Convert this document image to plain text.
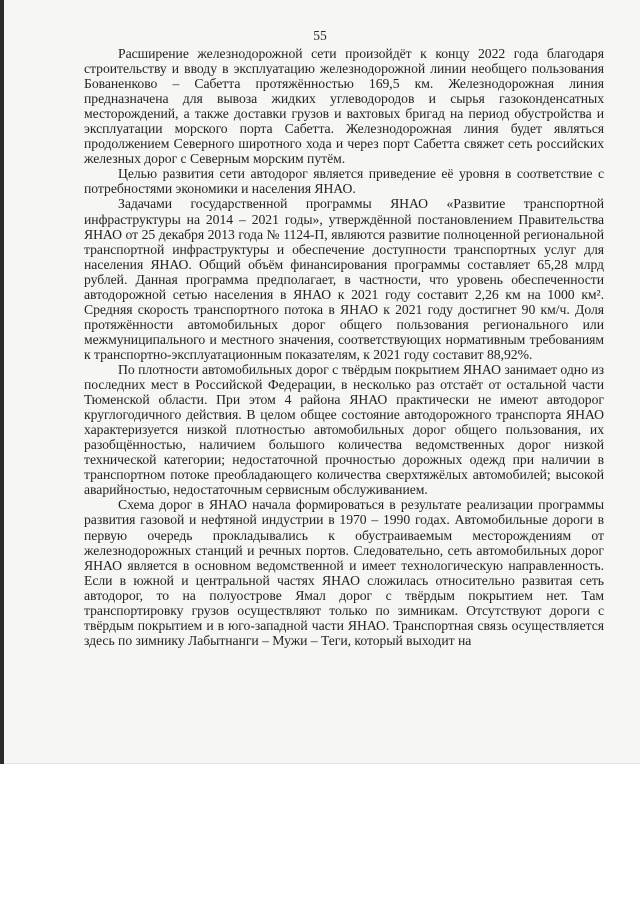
55

Расширение железнодорожной сети произойдёт к концу 2022 года благодаря строительству и вводу в эксплуатацию железнодорожной линии необщего пользования Бованенково – Сабетта протяжённостью 169,5 км. Железнодорожная линия предназначена для вывоза жидких углеводородов и сырья газоконденсатных месторождений, а также доставки грузов и вахтовых бригад на период обустройства и эксплуатации морского порта Сабетта. Железнодорожная линия будет являться продолжением Северного широтного хода и через порт Сабетта свяжет сеть российских железных дорог с Северным морским путём.

Целью развития сети автодорог является приведение её уровня в соответствие с потребностями экономики и населения ЯНАО.

Задачами государственной программы ЯНАО «Развитие транспортной инфраструктуры на 2014 – 2021 годы», утверждённой постановлением Правительства ЯНАО от 25 декабря 2013 года № 1124-П, являются развитие полноценной региональной транспортной инфраструктуры и обеспечение доступности транспортных услуг для населения ЯНАО. Общий объём финансирования программы составляет 65,28 млрд рублей. Данная программа предполагает, в частности, что уровень обеспеченности автодорожной сетью населения в ЯНАО к 2021 году составит 2,26 км на 1000 км². Средняя скорость транспортного потока в ЯНАО к 2021 году достигнет 90 км/ч. Доля протяжённости автомобильных дорог общего пользования регионального или межмуниципального и местного значения, соответствующих нормативным требованиям к транспортно-эксплуатационным показателям, к 2021 году составит 88,92%.

По плотности автомобильных дорог с твёрдым покрытием ЯНАО занимает одно из последних мест в Российской Федерации, в несколько раз отстаёт от остальной части Тюменской области. При этом 4 района ЯНАО практически не имеют автодорог круглогодичного действия. В целом общее состояние автодорожного транспорта ЯНАО характеризуется низкой плотностью автомобильных дорог общего пользования, их разобщённостью, наличием большого количества ведомственных дорог низкой технической категории; недостаточной прочностью дорожных одежд при наличии в транспортном потоке преобладающего количества сверхтяжёлых автомобилей; высокой аварийностью, недостаточным сервисным обслуживанием.

Схема дорог в ЯНАО начала формироваться в результате реализации программы развития газовой и нефтяной индустрии в 1970 – 1990 годах. Автомобильные дороги в первую очередь прокладывались к обустраиваемым месторождениям от железнодорожных станций и речных портов. Следовательно, сеть автомобильных дорог ЯНАО является в основном ведомственной и имеет технологическую направленность. Если в южной и центральной частях ЯНАО сложилась относительно развитая сеть автодорог, то на полуострове Ямал дорог с твёрдым покрытием нет. Там транспортировку грузов осуществляют только по зимникам. Отсутствуют дороги с твёрдым покрытием и в юго-западной части ЯНАО. Транспортная связь осуществляется здесь по зимнику Лабытнанги – Мужи – Теги, который выходит на
